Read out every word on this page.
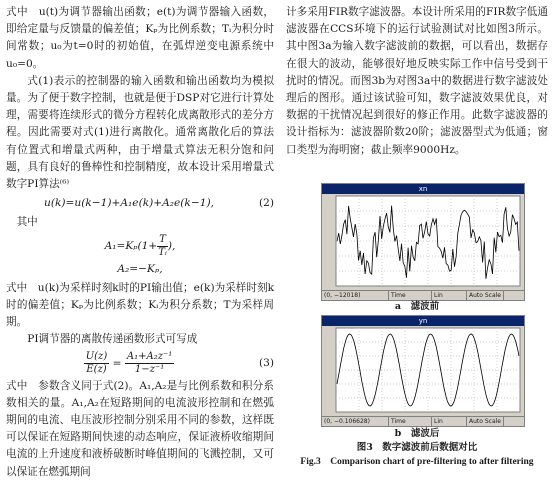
式中　u(t)为调节器输出函数；e(t)为调节器输入函数，即给定量与反馈量的偏差值；Kₚ为比例系数；Tᵢ为积分时间常数；u₀为t=0时的初始值，在弧焊逆变电源系统中u₀=0。

式(1)表示的控制器的输入函数和输出函数均为模拟量。为了便于数字控制，也就是便于DSP对它进行计算处理，需要将连续形式的微分方程转化成离散形式的差分方程。因此需要对式(1)进行离散化。通常离散化后的算法有位置式和增量式两种，由于增量式算法无积分饱和问题，具有良好的鲁棒性和控制精度，故本设计采用增量式数字PI算法⁽⁶⁾

u(k)=u(k−1)+A₁e(k)+A₂e(k−1),	(2)

其中

$A_1=K_p(1+ \frac{T}{\text{Tᵢ}}$ ),
A₂=−Kₚ,

式中　u(k)为采样时刻k时的PI输出值；e(k)为采样时刻k时的偏差值；Kₚ为比例系数；Kᵢ为积分系数；T为采样周期。

PI调节器的离散传递函数形式可写成

$\frac{U(z)}{E(z)} = \frac{\text{A₁+A₂z⁻¹}}{\text{1−z⁻¹}}$	(3)

式中　参数含义同于式(2)。A₁,A₂是与比例系数和积分系数相关的量。A₁,A₂在短路期间的电流波形控制和在燃弧期间的电流、电压波形控制分别采用不同的参数，这样既可以保证在短路期间快速的动态响应，保证液桥收缩期间电流的上升速度和液桥破断时峰值期间的飞溅控制，又可以保证在燃弧期间

计多采用FIR数字滤波器。本设计所采用的FIR数字低通滤波器在CCS环境下的运行试验测试对比如图3所示。其中图3a为输入数字滤波前的数据，可以看出，数据存在很大的波动，能够很好地反映实际工作中信号受到干扰时的情况。而图3b为对图3a中的数据进行数字滤波处理后的图形。通过该试验可知，数字滤波效果优良，对数据的干扰情况起到很好的修正作用。此数字滤波器的设计指标为：滤波器阶数20阶；滤波器型式为低通；窗口类型为海明窗；截止频率9000Hz。

xn
(0, −12018)	Time	Lin	Auto Scale
a　滤波前
yn
(0, −0.106628)	Time	Lin	Auto Scale
b　滤波后
图3　数字滤波前后数据对比
Fig.3　Comparison chart of pre-filtering to after filtering
